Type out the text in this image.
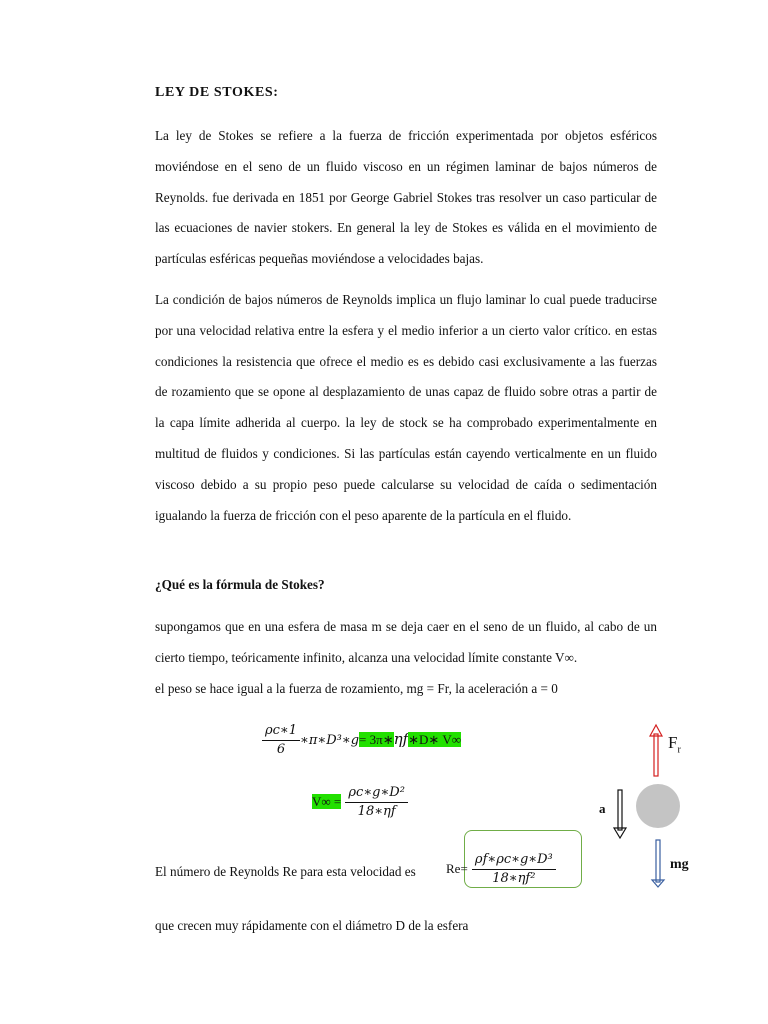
LEY DE STOKES:

La ley de Stokes se refiere a la fuerza de fricción experimentada por objetos esféricos moviéndose en el seno de un fluido viscoso en un régimen laminar de bajos números de Reynolds. fue derivada en 1851 por George Gabriel Stokes tras resolver un caso particular de las ecuaciones de navier stokers. En general la ley de Stokes es válida en el movimiento de partículas esféricas pequeñas moviéndose a velocidades bajas.

La condición de bajos números de Reynolds implica un flujo laminar lo cual puede traducirse por una velocidad relativa entre la esfera y el medio inferior a un cierto valor crítico. en estas condiciones la resistencia que ofrece el medio es es debido casi exclusivamente a las fuerzas de rozamiento que se opone al desplazamiento de unas capaz de fluido sobre otras a partir de la capa límite adherida al cuerpo. la ley de stock se ha comprobado experimentalmente en multitud de fluidos y condiciones. Si las partículas están cayendo verticalmente en un fluido viscoso debido a su propio peso puede calcularse su velocidad de caída o sedimentación igualando la fuerza de fricción con el peso aparente de la partícula en el fluido.

¿Qué es la fórmula de Stokes?

supongamos que en una esfera de masa m se deja caer en el seno de un fluido, al cabo de un cierto tiempo, teóricamente infinito, alcanza una velocidad límite constante V∞.

el peso se hace igual a la fuerza de rozamiento, mg = Fr, la aceleración a = 0
$\frac{\rho c∗1}{6}$ ∗π∗D³∗g= 3π∗ηf∗D∗ V∞
$V\infty = \frac{\text{ρc∗g∗D²}}{18∗\eta f}$
El número de Reynolds Re para esta velocidad es $Re= \frac{\text{ρf∗ρc∗g∗D³}}{\text{18∗ηf²}}$
que crecen muy rápidamente con el diámetro D de la esfera
$F_r$
a
mg
